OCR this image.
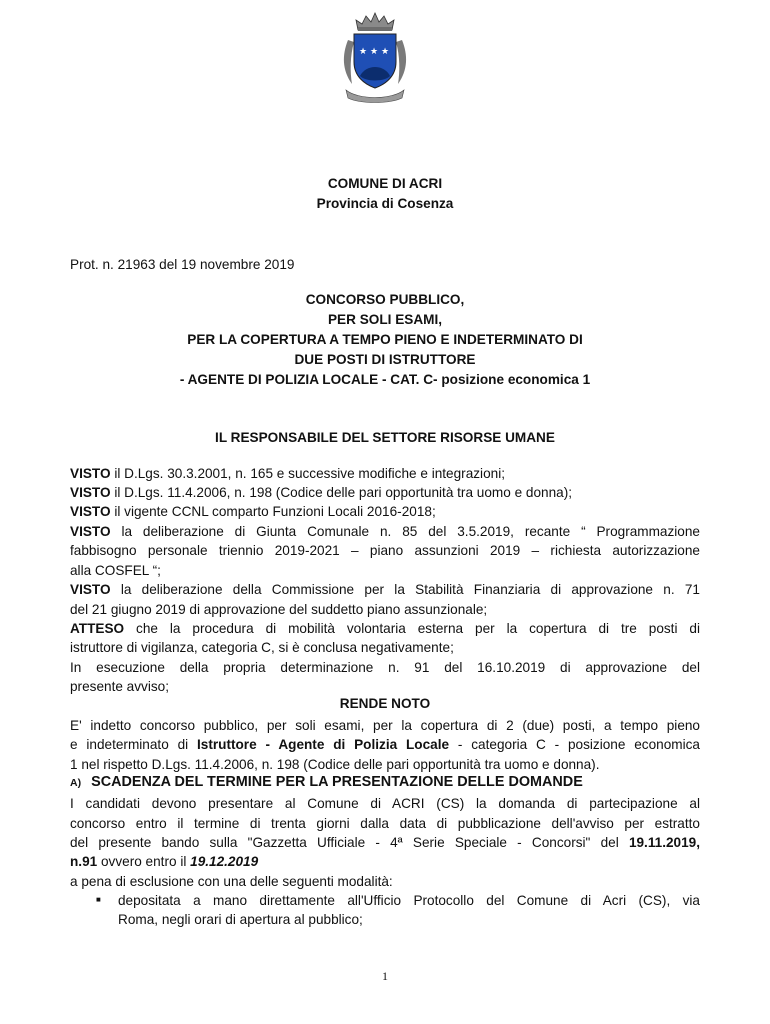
★ ★ ★
COMUNE DI ACRI
Provincia di Cosenza
Prot. n. 21963 del 19 novembre 2019
CONCORSO PUBBLICO,
PER SOLI ESAMI,
PER LA COPERTURA A TEMPO PIENO E INDETERMINATO DI
DUE POSTI DI ISTRUTTORE
- AGENTE DI POLIZIA LOCALE - CAT. C- posizione economica 1
IL RESPONSABILE DEL SETTORE RISORSE UMANE
VISTO il D.Lgs. 30.3.2001, n. 165 e successive modifiche e integrazioni;
VISTO il D.Lgs. 11.4.2006, n. 198 (Codice delle pari opportunità tra uomo e donna);
VISTO il vigente CCNL comparto Funzioni Locali 2016-2018;
VISTO la deliberazione di Giunta Comunale n. 85 del 3.5.2019, recante “ Programmazione
fabbisogno personale triennio 2019-2021 – piano assunzioni 2019 – richiesta autorizzazione
alla COSFEL “;
VISTO la deliberazione della Commissione per la Stabilità Finanziaria di approvazione n. 71
del 21 giugno 2019 di approvazione del suddetto piano assunzionale;
ATTESO che la procedura di mobilità volontaria esterna per la copertura di tre posti di
istruttore di vigilanza, categoria C, si è conclusa negativamente;
In esecuzione della propria determinazione n. 91 del 16.10.2019 di approvazione del
presente avviso;
RENDE NOTO
E' indetto concorso pubblico, per soli esami, per la copertura di 2 (due) posti, a tempo pieno
e indeterminato di Istruttore - Agente di Polizia Locale - categoria C - posizione economica
1 nel rispetto D.Lgs. 11.4.2006, n. 198 (Codice delle pari opportunità tra uomo e donna).
A) SCADENZA DEL TERMINE PER LA PRESENTAZIONE DELLE DOMANDE
I candidati devono presentare al Comune di ACRI (CS) la domanda di partecipazione al
concorso entro il termine di trenta giorni dalla data di pubblicazione dell'avviso per estratto
del presente bando sulla "Gazzetta Ufficiale - 4ª Serie Speciale - Concorsi" del 19.11.2019,
n.91 ovvero entro il 19.12.2019
a pena di esclusione con una delle seguenti modalità:
■ depositata a mano direttamente all'Ufficio Protocollo del Comune di Acri (CS), via
Roma, negli orari di apertura al pubblico;
1
